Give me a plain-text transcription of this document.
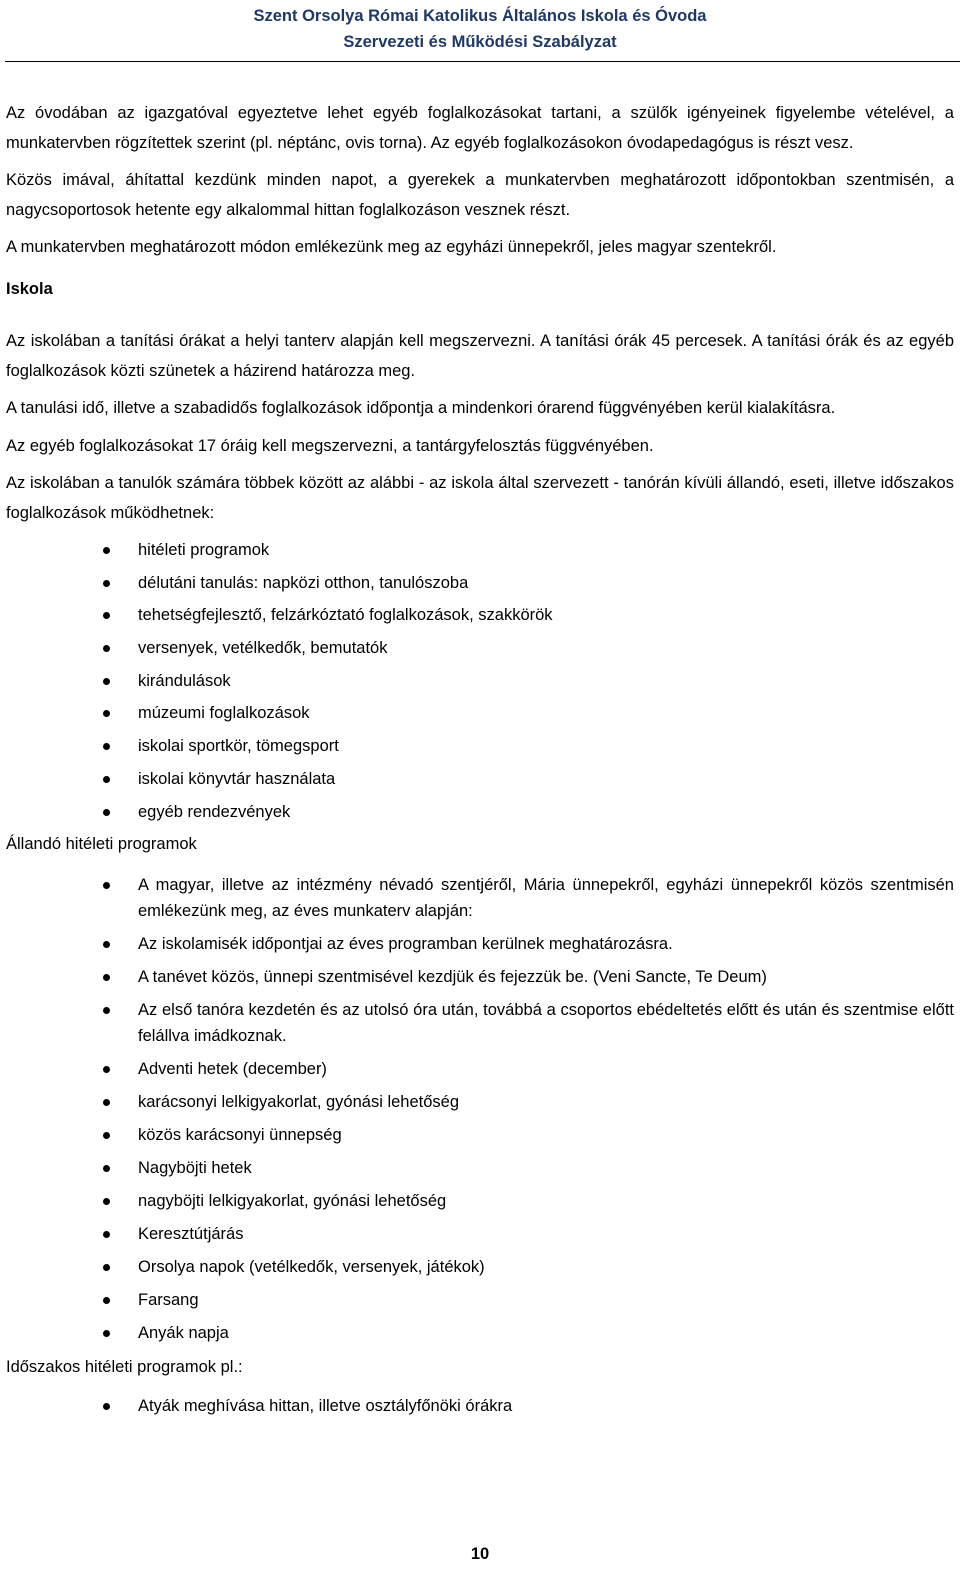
Szent Orsolya Római Katolikus Általános Iskola és Óvoda
Szervezeti és Működési Szabályzat

Az óvodában az igazgatóval egyeztetve lehet egyéb foglalkozásokat tartani, a szülők igényeinek figyelembe vételével, a munkatervben rögzítettek szerint (pl. néptánc, ovis torna). Az egyéb foglalkozásokon óvodapedagógus is részt vesz.

Közös imával, áhítattal kezdünk minden napot, a gyerekek a munkatervben meghatározott időpontokban szentmisén, a nagycsoportosok hetente egy alkalommal hittan foglalkozáson vesznek részt.

A munkatervben meghatározott módon emlékezünk meg az egyházi ünnepekről, jeles magyar szentekről.

Iskola

Az iskolában a tanítási órákat a helyi tanterv alapján kell megszervezni. A tanítási órák 45 percesek. A tanítási órák és az egyéb foglalkozások közti szünetek a házirend határozza meg.

A tanulási idő, illetve a szabadidős foglalkozások időpontja a mindenkori órarend függvényében kerül kialakításra.

Az egyéb foglalkozásokat 17 óráig kell megszervezni, a tantárgyfelosztás függvényében.

Az iskolában a tanulók számára többek között az alábbi - az iskola által szervezett - tanórán kívüli állandó, eseti, illetve időszakos foglalkozások működhetnek:

hitéleti programok
délutáni tanulás: napközi otthon, tanulószoba
tehetségfejlesztő, felzárkóztató foglalkozások, szakkörök
versenyek, vetélkedők, bemutatók
kirándulások
múzeumi foglalkozások
iskolai sportkör, tömegsport
iskolai könyvtár használata
egyéb rendezvények
Állandó hitéleti programok
A magyar, illetve az intézmény névadó szentjéről, Mária ünnepekről, egyházi ünnepekről közös szentmisén emlékezünk meg, az éves munkaterv alapján:
Az iskolamisék időpontjai az éves programban kerülnek meghatározásra.
A tanévet közös, ünnepi szentmisével kezdjük és fejezzük be. (Veni Sancte, Te Deum)
Az első tanóra kezdetén és az utolsó óra után, továbbá a csoportos ebédeltetés előtt és után és szentmise előtt felállva imádkoznak.
Adventi hetek (december)
karácsonyi lelkigyakorlat, gyónási lehetőség
közös karácsonyi ünnepség
Nagyböjti hetek
nagyböjti lelkigyakorlat, gyónási lehetőség
Keresztútjárás
Orsolya napok (vetélkedők, versenyek, játékok)
Farsang
Anyák napja
Időszakos hitéleti programok pl.:
Atyák meghívása hittan, illetve osztályfőnöki órákra
10
